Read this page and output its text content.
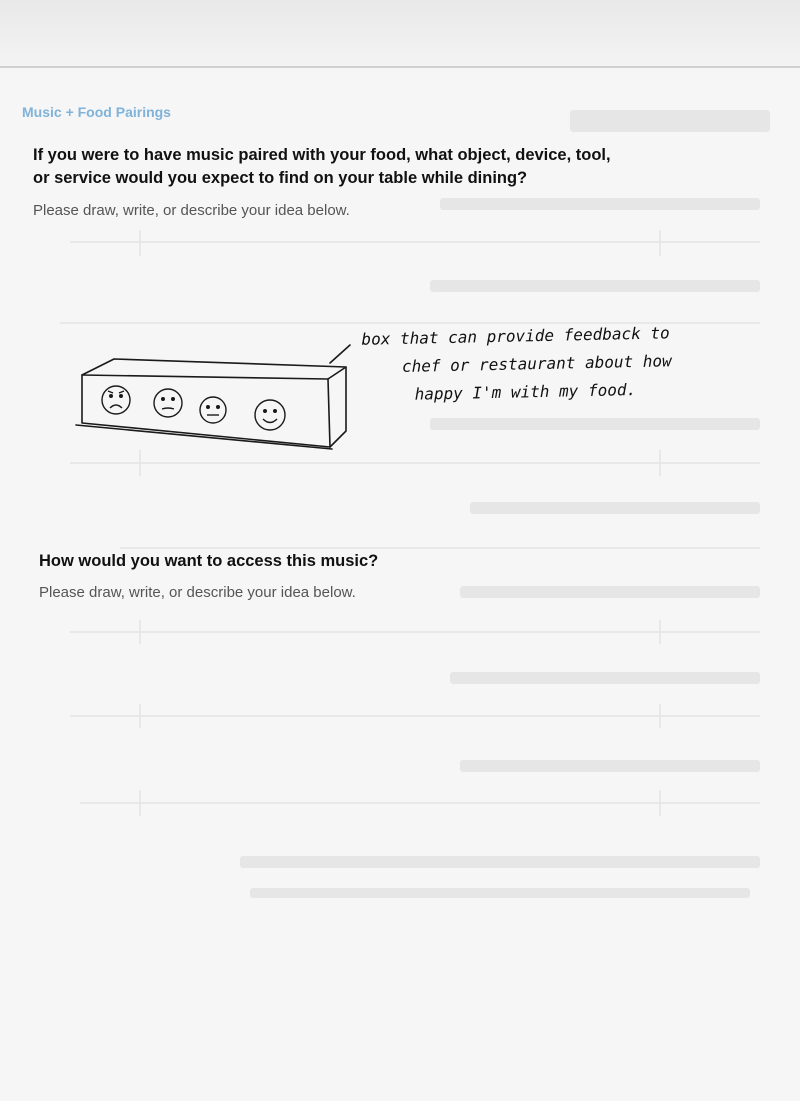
Music + Food Pairings

If you were to have music paired with your food, what object, device, tool,

or service would you expect to find on your table while dining?

Please draw, write, or describe your idea below.

box that can provide feedback to
chef or restaurant about how
happy I'm with my food.

How would you want to access this music?

Please draw, write, or describe your idea below.
